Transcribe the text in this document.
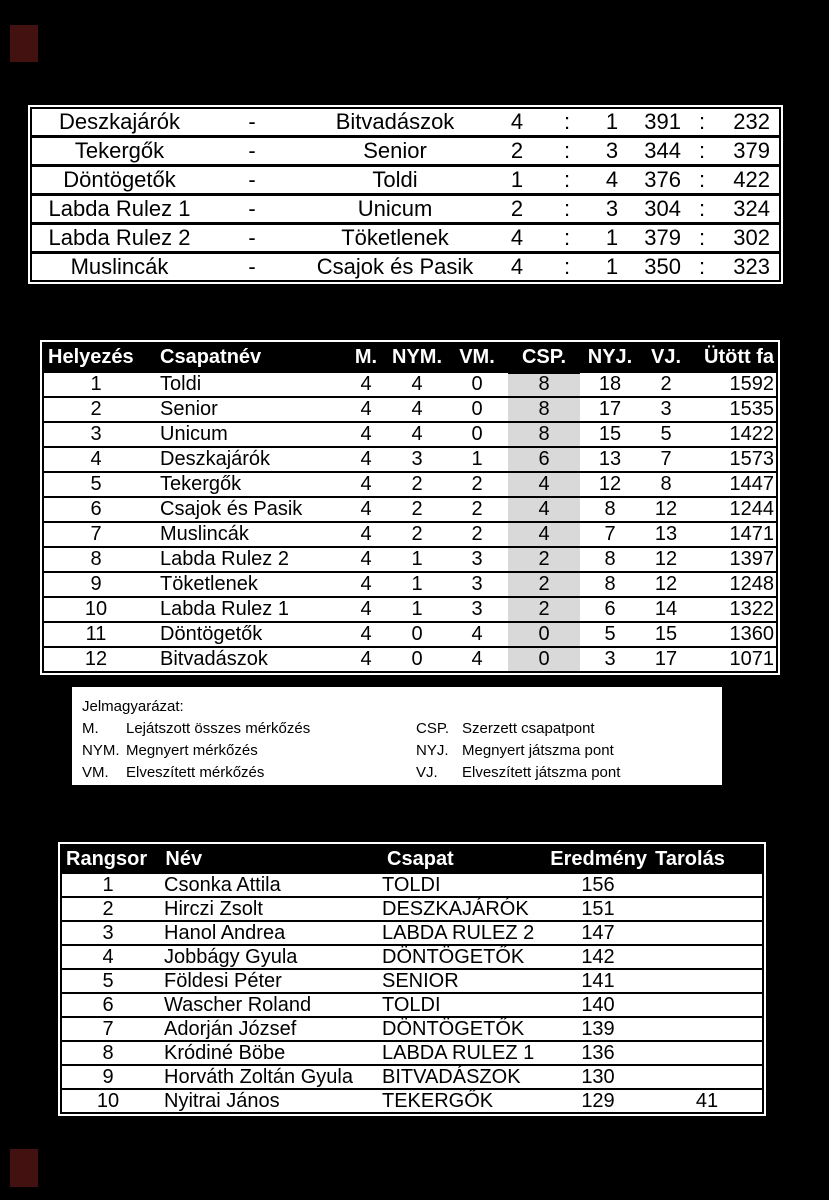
Deszkajárók	-	Bitvadászok	4	:	1	391 :	232
Tekergők	-	Senior	2	:	3	344 :	379
Döntögetők	-	Toldi	1	:	4	376 :	422
Labda Rulez 1	-	Unicum	2	:	3	304 :	324
Labda Rulez 2	-	Töketlenek	4	:	1	379 :	302
Muslincák	-	Csajok és Pasik	4	:	1	350 :	323
Helyezés	Csapatnév	M. NYM. VM.	CSP.	NYJ. VJ.	Ütött fa
1	Toldi	4	4	0	8	18	2	1592
2	Senior	4	4	0	8	17	3	1535
3	Unicum	4	4	0	8	15	5	1422
4	Deszkajárók	4	3	1	6	13	7	1573
5	Tekergők	4	2	2	4	12	8	1447
6	Csajok és Pasik	4	2	2	4	8	12	1244
7	Muslincák	4	2	2	4	7	13	1471
8	Labda Rulez 2	4	1	3	2	8	12	1397
9	Töketlenek	4	1	3	2	8	12	1248
10	Labda Rulez 1	4	1	3	2	6	14	1322
11	Döntögetők	4	0	4	0	5	15	1360
12	Bitvadászok	4	0	4	0	3	17	1071
Jelmagyarázat:
M.	Lejátszott összes mérkőzés	CSP. Szerzett csapatpont
NYM. Megnyert mérkőzés	NYJ. Megnyert játszma pont
VM.	Elveszített mérkőzés	VJ.	Elveszített játszma pont
Rangsor Név	Csapat	Eredmény Tarolás
1	Csonka Attila	TOLDI	156
2	Hirczi Zsolt	DESZKAJÁRÓK	151
3	Hanol Andrea	LABDA RULEZ 2	147
4	Jobbágy Gyula	DÖNTÖGETŐK	142
5	Földesi Péter	SENIOR	141
6	Wascher Roland	TOLDI	140
7	Adorján József	DÖNTÖGETŐK	139
8	Kródiné Böbe	LABDA RULEZ 1	136
9	Horváth Zoltán Gyula	BITVADÁSZOK	130
10	Nyitrai János	TEKERGŐK	129	41
